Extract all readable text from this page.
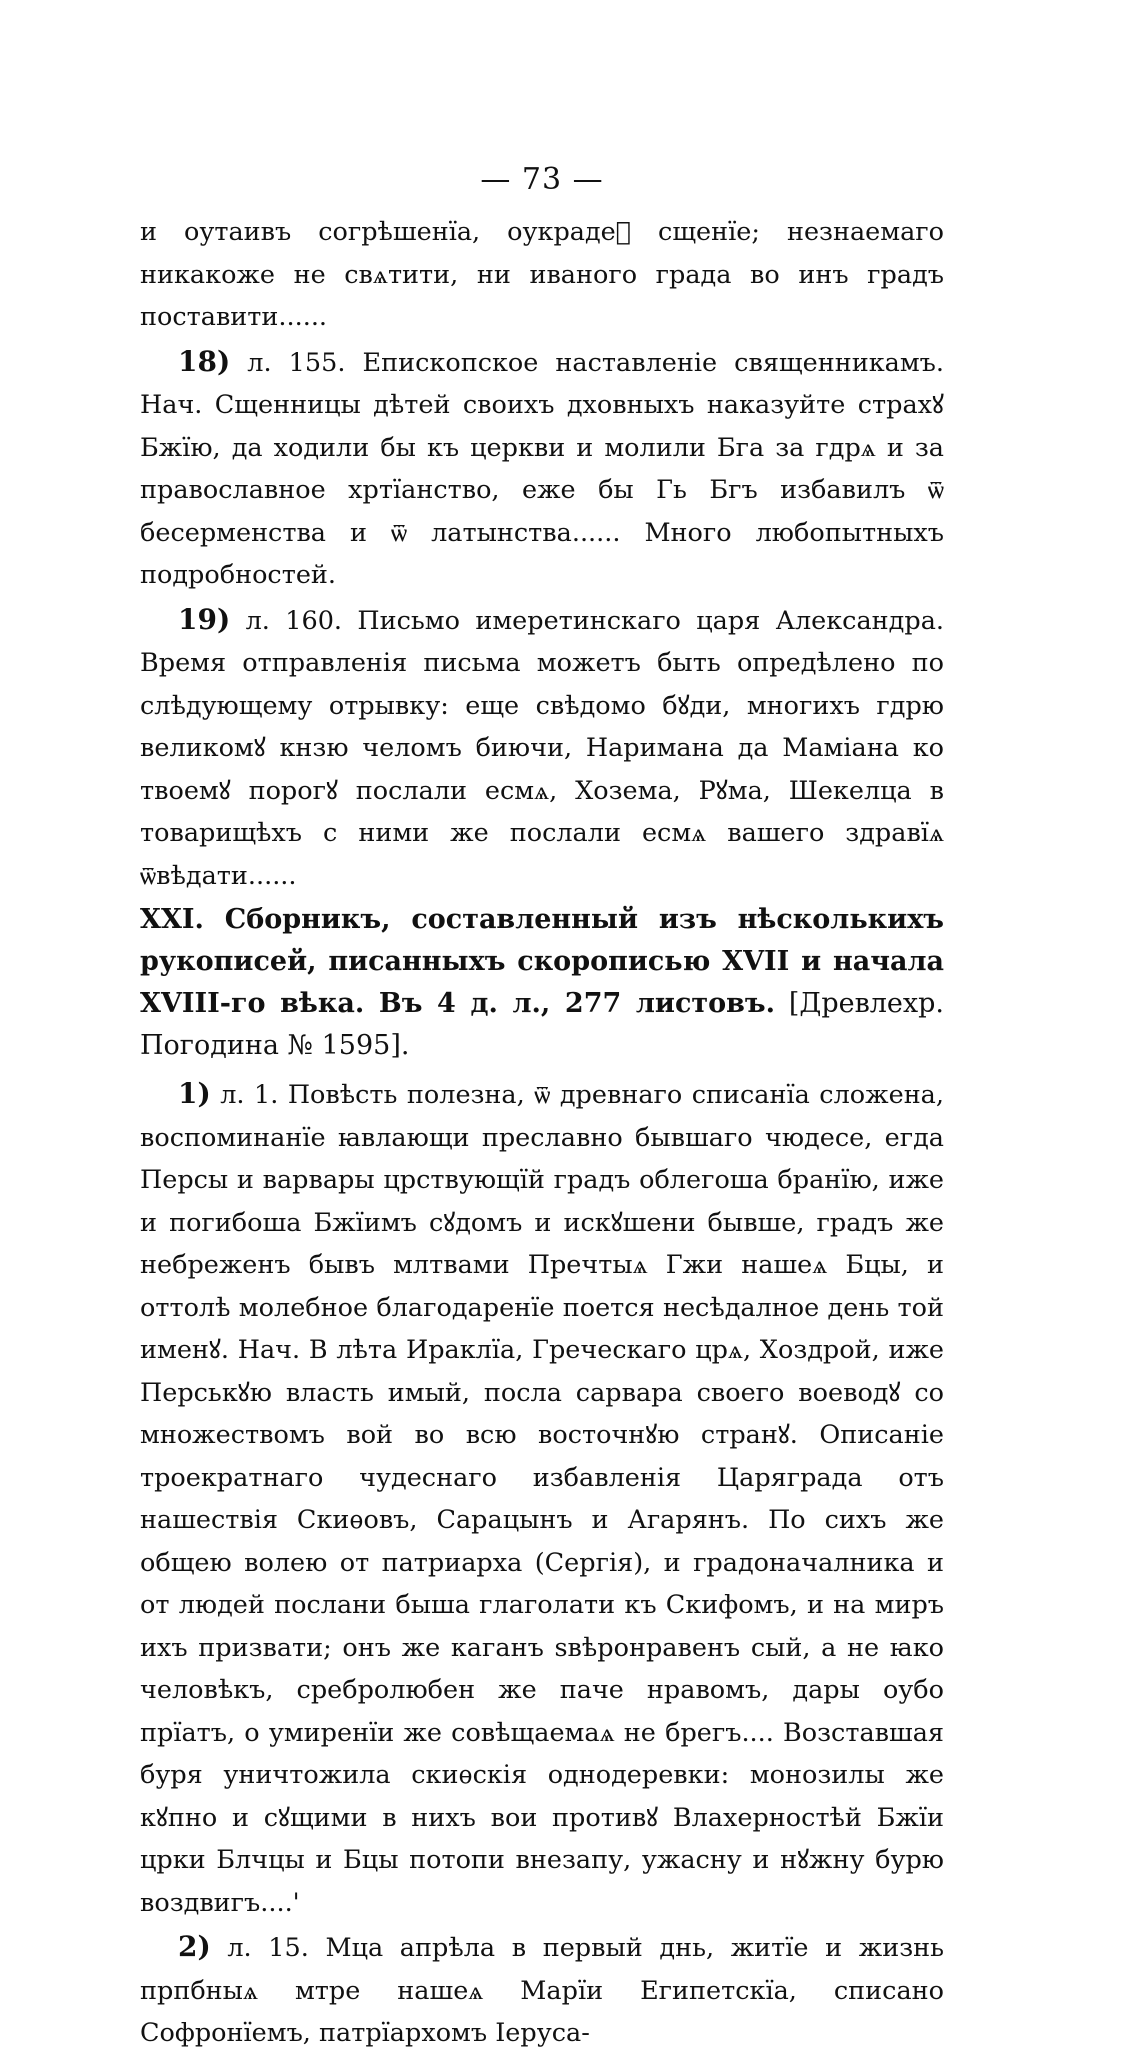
— 73 —

и оутаивъ согрѣшенїа, оукрадеⷮ сщенїе; незнаемаго никакоже не свѧтити, ни иваного града во инъ градъ поставити......

18) л. 155. Епископское наставленіе священникамъ. Нач. Сщенницы дѣтей своихъ дховныхъ наказуйте страхꙋ Бжїю, да ходили бы къ церкви и молили Бга за гдрѧ и за православное хртїанство, еже бы Гь Бгъ избавилъ ѿ бесерменства и ѿ латынства...... Много любопытныхъ подробностей.

19) л. 160. Письмо имеретинскаго царя Александра. Время отправленія письма можетъ быть опредѣлено по слѣдующему отрывку: еще свѣдомо бꙋди, многихъ гдрю великомꙋ кнзю челомъ биючи, Наримана да Маміана ко твоемꙋ порогꙋ послали есмѧ, Хозема, Рꙋма, Шекелца в товарищѣхъ с ними же послали есмѧ вашего здравїѧ ѿвѣдати......

XXI. Сборникъ, составленный изъ нѣсколькихъ рукописей, писанныхъ скорописью XVII и начала XVIII-го вѣка. Въ 4 д. л., 277 листовъ. [Древлехр. Погодина № 1595].

1) л. 1. Повѣсть полезна, ѿ древнаго списанїа сложена, воспоминанїе ꙗвлающи преславно бывшаго чюдесе, егда Персы и варвары црствующїй градъ облегоша бранїю, иже и погибоша Бжїимъ сꙋдомъ и искꙋшени бывше, градъ же небреженъ бывъ млтвами Пречтыѧ Гжи нашеѧ Бцы, и оттолѣ молебное благодаренїе поется несѣдалное день той именꙋ. Нач. В лѣта Ираклїа, Греческаго црѧ, Хоздрой, иже Перськꙋю власть имый, посла сарвара своего воеводꙋ со множествомъ вой во всю восточнꙋю странꙋ. Описаніе троекратнаго чудеснаго избавленія Царяграда отъ нашествія Скиѳовъ, Сарацынъ и Агарянъ. По сихъ же общею волею от патриарха (Сергія), и градоначалника и от людей послани быша глаголати къ Скифомъ, и на миръ ихъ призвати; онъ же каганъ ѕвѣронравенъ сый, а не ꙗко человѣкъ, сребролюбен же паче нравомъ, дары оубо прїатъ, о умиренїи же совѣщаемаѧ не брегъ.... Возставшая буря уничтожила скиѳскія однодеревки: монозилы же кꙋпно и сꙋщими в нихъ вои противꙋ Влахерностѣй Бжїи црки Блчцы и Бцы потопи внезапу, ужасну и нꙋжну бурю воздвигъ....'

2) л. 15. Мца апрѣла в первый днь, житїе и жизнь прпбныѧ мтре нашеѧ Марїи Египетскїа, списано Софронїемъ, патрїархомъ Iеруса-
